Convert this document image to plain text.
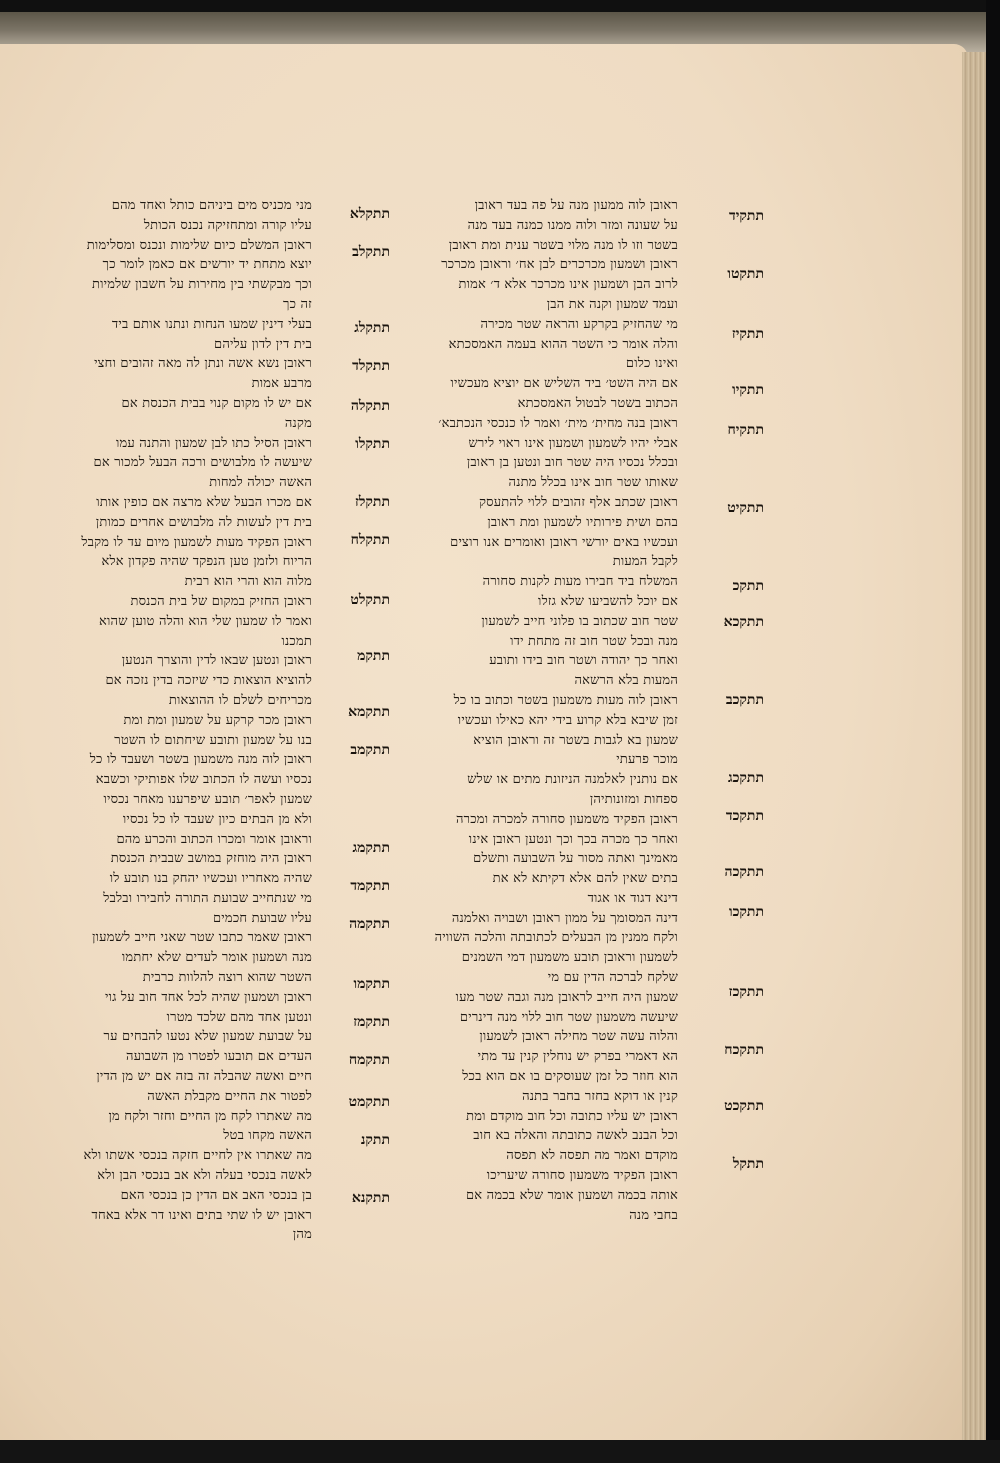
ראובן לוה ממעון מנה על פה בעד ראובן
על שעונה ומזר ולוה ממנו כמנה בעד מנה
בשטר וזו לו מנה מלוי בשטר ענית ומת ראובן
ראובן ושמעון מכרכרים לבן אח׳ וראובן מכרכר
לרוב הבן ושמעון אינו מכרכר אלא ד׳ אמות
ועמד שמעון וקנה את הבן
מי שהחזיק בקרקע והראה שטר מכירה
והלה אומר כי השטר ההוא בעמה האמסכתא
ואינו כלום
אם היה השט׳ ביד השליש אם יוציא מעכשיו
הכתוב בשטר לבטול האמסכתא
ראובן בנה מחית׳ מית׳ ואמר לו כנכסי הנכתבא׳
אבלי יהיו לשמעון ושמעון אינו ראוי לירש
ובכלל נכסיו היה שטר חוב ונטען בן ראובן
שאותו שטר חוב אינו בכלל מתנה
ראובן שכתב אלף זהובים ללוי להתעסק
בהם ושית פירותיו לשמעון ומת ראובן
ועכשיו באים יורשי ראובן ואומרים אנו רוצים
לקבל המעות
המשלח ביד חבירו מעות לקנות סחורה
אם יוכל להשביעו שלא גזלו
שטר חוב שכתוב בו פלוני חייב לשמעון
מנה ובכל שטר חוב זה מתחת ידו
ואחר כך יהודה ושטר חוב בידו ותובע
המעות בלא הרשאה
ראובן לוה מעות משמעון בשטר וכתוב בו כל
זמן שיבא בלא קרוע בידי יהא כאילו ועכשיו
שמעון בא לגבות בשטר זה וראובן הוציא
מוכר פרעתי
אם נותנין לאלמנה הניזונת מתים או שלש
ספחות ומזונותיהן
ראובן הפקיד משמעון סחורה למכרה ומכרה
ואחר כך מכרה בכך וכך ונטען ראובן אינו
מאמינך ואתה מסור על השבועה ותשלם
בתים שאין להם אלא דקיתא לא את
דינא דגוד או אגוד
דינה המסומך על ממון ראובן ושבויה ואלמנה
ולקח ממנין מן הבעלים לכתובתה והלכה השוויה
לשמעון וראובן תובע משמעון דמי השמנים
שלקח לברכה הדין עם מי
שמעון היה חייב לראובן מנה וגבה שטר מעו
שיעשה משמעון שטר חוב ללוי מנה דינרים
והלוה עשה שטר מחילה ראובן לשמעון
הא דאמרי בפרק יש נוחלין קנין עד מתי
הוא חוזר כל זמן שעוסקים בו אם הוא בכל
קנין או דוקא בחזר בחבר בתנה
ראובן יש עליו כתובה וכל חוב מוקדם ומת
וכל הבנב לאשה כתובתה והאלה בא חוב
מוקדם ואמר מה תפסה לא תפסה
ראובן הפקיד משמעון סחורה שיעריכו
אותה בכמה ושמעון אומר שלא בכמה אם
בחבי מנה
מני מכניס מים ביניהם כותל ואחד מהם
עליו קורה ומתחזיקה נכנס הכותל
ראובן המשלם כיום שלימות ונכנס ומסלימות
יוצא מתחת יד יורשים אם כאמן לומר כך
וכך מבקשתי בין מחירות על חשבון שלמיות
זה כך
בעלי דינין שמעו הנחות ונתנו אותם ביד
בית דין לדון עליהם
ראובן נשא אשה ונתן לה מאה זהובים וחצי
מרבע אמות
אם יש לו מקום קנוי בבית הכנסת אם
מקנה
ראובן הסיל כתו לבן שמעון והתנה עמו
שיעשה לו מלבושים ורכה הבעל למכור אם
האשה יכולה למחות
אם מכרו הבעל שלא מרצה אם כופין אותו
בית דין לעשות לה מלבושים אחרים כמותן
ראובן הפקיד מעות לשמעון מיום עד לו מקבל
הריוח ולזמן טען הנפקד שהיה פקדון אלא
מלוה הוא והרי הוא רבית
ראובן החזיק במקום של בית הכנסת
ואמר לו שמעון שלי הוא והלה טוען שהוא
תמכנו
ראובן ונטען שבאו לדין והוצרך הנטען
להוציא הוצאות כדי שיזכה בדין נזכה אם
מכריחים לשלם לו ההוצאות
ראובן מכר קרקע על שמעון ומת ומת
בנו על שמעון ותובע שיחתום לו השטר
ראובן לוה מנה משמעון בשטר ושעבד לו כל
נכסיו ועשה לו הכתוב שלו אפותיקי וכשבא
שמעון לאפר׳ תובע שיפרענו מאחר נכסיו
ולא מן הבתים כיון שעבד לו כל נכסיו
וראובן אומר ומכרו הכתוב והכרע מהם
ראובן היה מוחזק במושב שבבית הכנסת
שהיה מאחריו ועכשיו יהחק בנו תובע לו
מי שנתחייב שבועת התורה לחבירו ובלבל
עליו שבועת חכמים
ראובן שאמר כתבו שטר שאני חייב לשמעון
מנה ושמעון אומר לעדים שלא יחתמו
השטר שהוא רוצה להלוות כרבית
ראובן ושמעון שהיה לכל אחד חוב על גוי
ונטען אחד מהם שלכד מטרו
על שבועת שמעון שלא נטעו להבחים ער
העדים אם תובעו לפטרו מן השבועה
חיים ואשה שהבלה זה בזה אם יש מן הדין
לפטור את החיים מקבלת האשה
מה שאתרו לקח מן החיים וחזר ולקח מן
האשה מקחו בטל
מה שאתרו אין לחיים חזקה בנכסי אשתו ולא
לאשה בנכסי בעלה ולא אב בנכסי הבן ולא
בן בנכסי האב אם הדין כן בנכסי האם
ראובן יש לו שתי בתים ואינו דר אלא באחד
מהן
תתקיד
תתקטו
תתקיז
תתקיו
תתקיח
תתקיט
תתקכ
תתקכא
תתקכב
תתקכג
תתקכד
תתקכה
תתקכו
תתקכז
תתקכח
תתקכט
תתקל
תתקלא
תתקלב
תתקלג
תתקלד
תתקלה
תתקלו
תתקלז
תתקלח
תתקלט
תתקמ
תתקמא
תתקמב
תתקמג
תתקמד
תתקמה
תתקמו
תתקמז
תתקמח
תתקמט
תתקנ
תתקנא
